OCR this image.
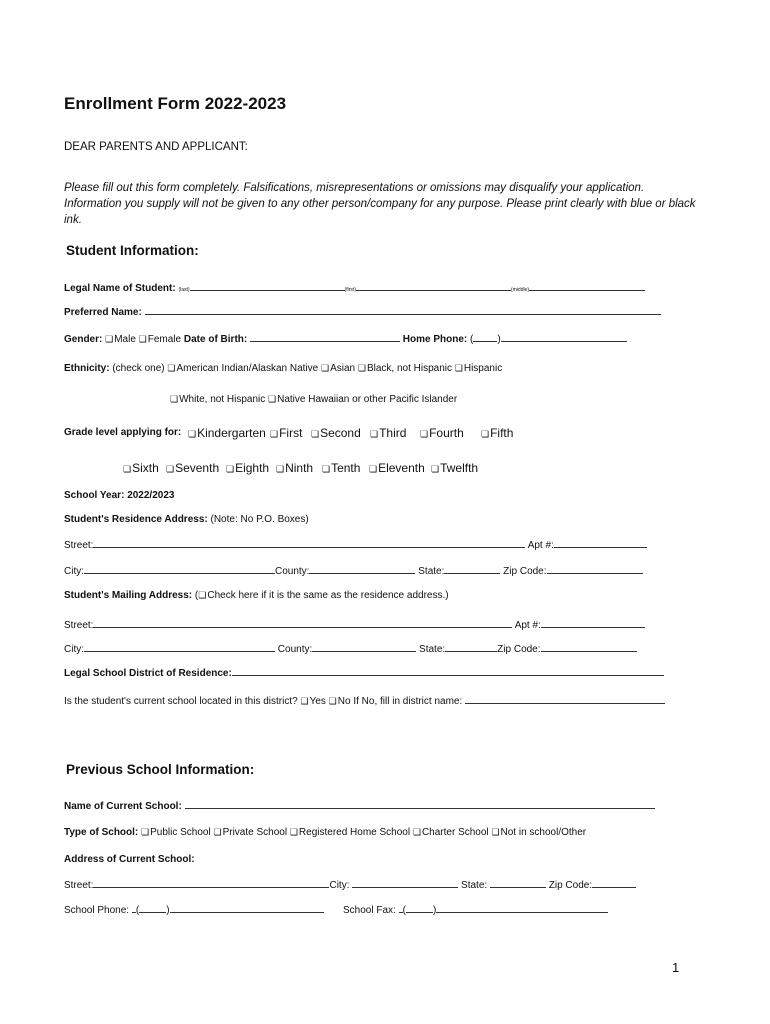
Enrollment Form 2022-2023
DEAR PARENTS AND APPLICANT:
Please fill out this form completely. Falsifications, misrepresentations or omissions may disqualify your application. Information you supply will not be given to any other person/company for any purpose. Please print clearly with blue or black ink.
Student Information:
Legal Name of Student: (last)	(first)	(middle)
Preferred Name:
Gender: ❏ Male ❏ Female Date of Birth:	Home Phone: ( )
Ethnicity: (check one) ❏ American Indian/Alaskan Native ❏ Asian ❏ Black, not Hispanic ❏ Hispanic
❏ White, not Hispanic ❏ Native Hawaiian or other Pacific Islander
Grade level applying for: ❏	Kindergarten ❏	First ❏	Second ❏	Third ❏	Fourth ❏	Fifth
❏ Sixth ❏	Seventh ❏	Eighth ❏	Ninth ❏	Tenth ❏	Eleventh ❏	Twelfth
School Year: 2022/2023
Student's Residence Address: (Note: No P.O. Boxes)
Street:	Apt #:
City:	County:	State:	Zip Code:
Student's Mailing Address: ( ❏ Check here if it is the same as the residence address.)
Street:	Apt #:
City:	County:	State:	Zip Code:
Legal School District of Residence:
Is the student's current school located in this district? ❏ Yes ❏ No If No, fill in district name:
Previous School Information:
Name of Current School:
Type of School: ❏ Public School ❏ Private School ❏ Registered Home School ❏ Charter School ❏ Not in school/Other
Address of Current School:
Street:	City:	State:	Zip Code:
School Phone: (	)	School Fax: (	)
1
